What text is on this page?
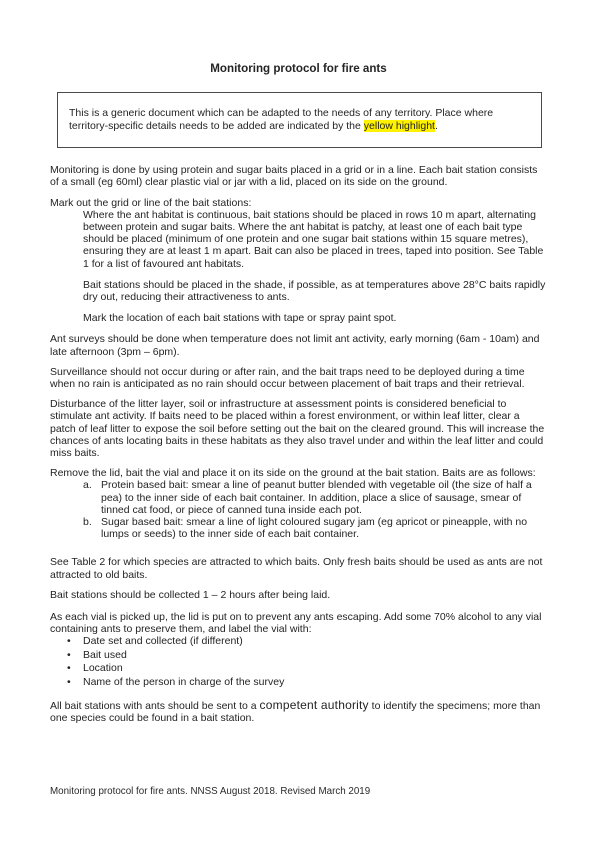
Monitoring protocol for fire ants

This is a generic document which can be adapted to the needs of any territory. Place where territory-specific details needs to be added are indicated by the yellow highlight.

Monitoring is done by using protein and sugar baits placed in a grid or in a line. Each bait station consists of a small (eg 60ml) clear plastic vial or jar with a lid, placed on its side on the ground.

Mark out the grid or line of the bait stations:

Where the ant habitat is continuous, bait stations should be placed in rows 10 m apart, alternating between protein and sugar baits. Where the ant habitat is patchy, at least one of each bait type should be placed (minimum of one protein and one sugar bait stations within 15 square metres), ensuring they are at least 1 m apart. Bait can also be placed in trees, taped into position. See Table 1 for a list of favoured ant habitats.

Bait stations should be placed in the shade, if possible, as at temperatures above 28°C baits rapidly dry out, reducing their attractiveness to ants.

Mark the location of each bait stations with tape or spray paint spot.

Ant surveys should be done when temperature does not limit ant activity, early morning (6am - 10am) and late afternoon (3pm – 6pm).

Surveillance should not occur during or after rain, and the bait traps need to be deployed during a time when no rain is anticipated as no rain should occur between placement of bait traps and their retrieval.

Disturbance of the litter layer, soil or infrastructure at assessment points is considered beneficial to stimulate ant activity. If baits need to be placed within a forest environment, or within leaf litter, clear a patch of leaf litter to expose the soil before setting out the bait on the cleared ground. This will increase the chances of ants locating baits in these habitats as they also travel under and within the leaf litter and could miss baits.

Remove the lid, bait the vial and place it on its side on the ground at the bait station. Baits are as follows:

a. Protein based bait: smear a line of peanut butter blended with vegetable oil (the size of half a pea) to the inner side of each bait container. In addition, place a slice of sausage, smear of tinned cat food, or piece of canned tuna inside each pot.
b. Sugar based bait: smear a line of light coloured sugary jam (eg apricot or pineapple, with no lumps or seeds) to the inner side of each bait container.

See Table 2 for which species are attracted to which baits. Only fresh baits should be used as ants are not attracted to old baits.

Bait stations should be collected 1 – 2 hours after being laid.

As each vial is picked up, the lid is put on to prevent any ants escaping. Add some 70% alcohol to any vial containing ants to preserve them, and label the vial with:

•	Date set and collected (if different)
•	Bait used
•	Location
•	Name of the person in charge of the survey

All bait stations with ants should be sent to a competent authority to identify the specimens; more than one species could be found in a bait station.

Monitoring protocol for fire ants. NNSS August 2018. Revised March 2019
